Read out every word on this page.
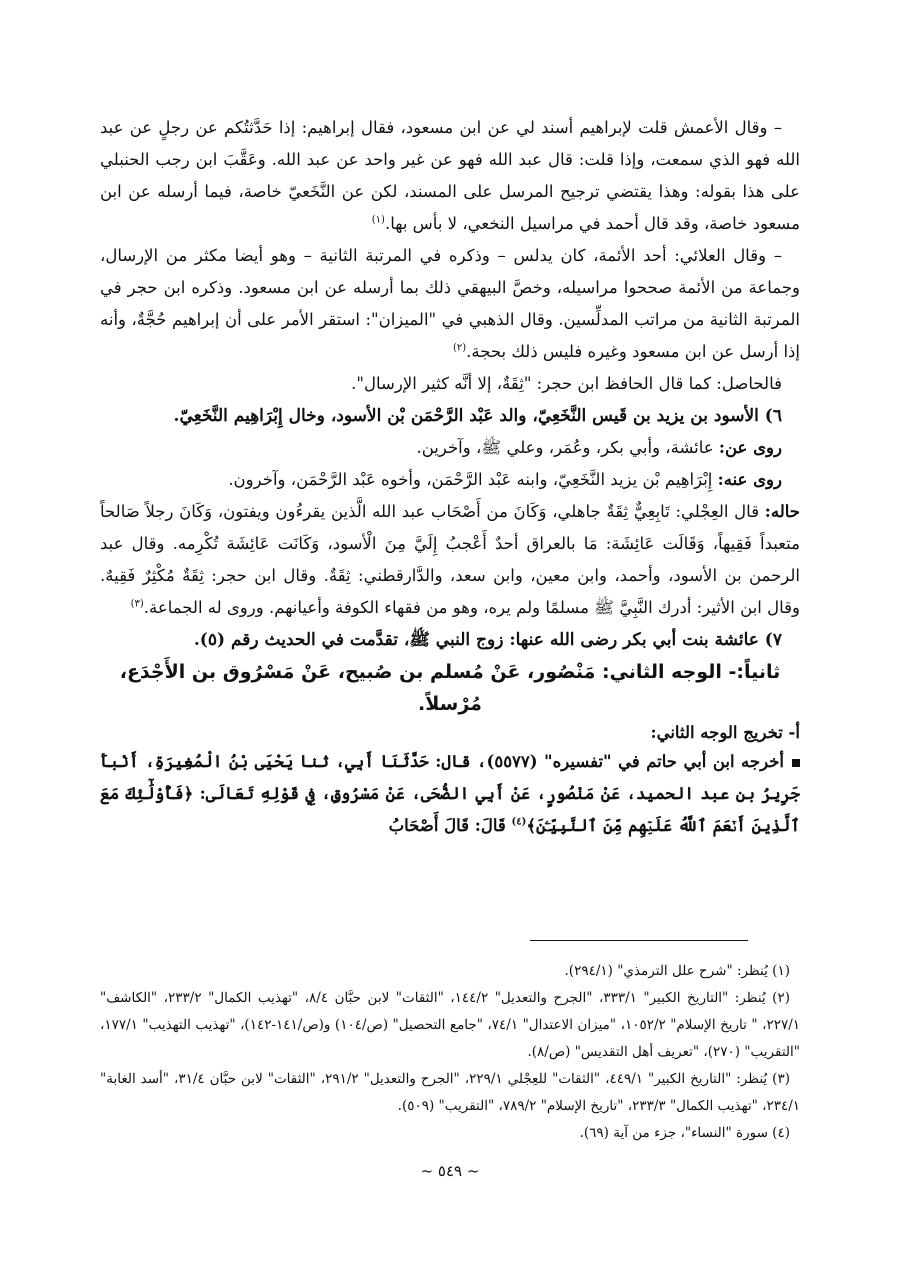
– وقال الأعمش قلت لإبراهيم أسند لي عن ابن مسعود، فقال إبراهيم: إذا حَدَّثتُكم عن رجلٍ عن عبد الله فهو الذي سمعت، وإذا قلت: قال عبد الله فهو عن غير واحد عن عبد الله. وعَقَّبَ ابن رجب الحنبلي على هذا بقوله: وهذا يقتضي ترجيح المرسل على المسند، لكن عن النَّخَعيّ خاصة، فيما أرسله عن ابن مسعود خاصة، وقد قال أحمد في مراسيل النخعي، لا بأس بها.$^{(١)}$

– وقال العلائي: أحد الأئمة، كان يدلس – وذكره في المرتبة الثانية – وهو أيضا مكثر من الإرسال، وجماعة من الأئمة صححوا مراسيله، وخصَّ البيهقي ذلك بما أرسله عن ابن مسعود. وذكره ابن حجر في المرتبة الثانية من مراتب المدلِّسين. وقال الذهبي في "الميزان": استقر الأمر على أن إبراهيم حُجَّةٌ، وأنه إذا أرسل عن ابن مسعود وغيره فليس ذلك بحجة.$^{(٢)}$

فالحاصل: كما قال الحافظ ابن حجر: "ثِقَةٌ، إلا أنَّه كثير الإرسال".

٦) الأسود بن يزيد بن قَيس النَّخَعِيّ، والد عَبْد الرَّحْمَن بْن الأسود، وخال إِبْرَاهِيم النَّخَعِيّ.

روى عن: عائشة، وأبي بكر، وعُمَر، وعلي ﷺ، وآخرين.

روى عنه: إِبْرَاهِيم بْن يزيد النَّخَعِيّ، وابنه عَبْد الرَّحْمَن، وأخوه عَبْد الرَّحْمَن، وآخرون.

حاله: قال العِجْلي: تَابِعِيٌّ ثِقَةٌ جاهلي، وَكَانَ من أَصْحَاب عبد الله الَّذين يقرءُون ويفتون، وَكَانَ رجلاً صَالحاً متعبداً فَقِيهاً، وَقَالَت عَائِشَة: مَا بالعراق أحدٌ أَعْجبُ إِلَيَّ مِنَ الْأسود، وَكَانَت عَائِشَة تُكْرِمه. وقال عبد الرحمن بن الأسود، وأحمد، وابن معين، وابن سعد، والدَّارقطني: ثِقَةٌ. وقال ابن حجر: ثِقَةٌ مُكْثِرٌ فَقِيهٌ. وقال ابن الأثير: أدرك النَّبِيَّ ﷺ مسلمًا ولم يره، وهو من فقهاء الكوفة وأعيانهم. وروى له الجماعة.$^{(٣)}$

٧) عائشة بنت أبي بكر رضى الله عنها: زوج النبي ﷺ، تقدَّمت في الحديث رقم (٥).

ثانياً:- الوجه الثاني: مَنْصُور، عَنْ مُسلم بن صُبيح، عَنْ مَسْرُوق بن الأَجْدَع، مُرْسلاً.

أ- تخريج الوجه الثاني:

أخرجه ابن أبي حاتم في "تفسيره" (٥٥٧٧)، قال: حَدَّثَنَا أَبِي، ثنا يَحْيَى بْنُ الْمُغِيرَةِ، أَنْبأَ جَرِيرُ بن عبد الحميد، عَنْ مَنْصُورٍ، عَنْ أَبِي الضُّحَى، عَنْ مَسْرُوقٍ، فِي قَوْلِهِ تَعَالَى: ﴿فَأُوْلَٰٓئِكَ مَعَ ٱلَّذِينَ أَنۡعَمَ ٱللَّهُ عَلَيۡهِم مِّنَ ٱلنَّبِيِّـۧنَ﴾$^{(٤)}$ قَالَ: قَالَ أَصْحَابُ

(١) يُنظر: "شرح علل الترمذي" (٢٩٤/١).

(٢) يُنظر: "التاريخ الكبير" ٣٣٣/١، "الجرح والتعديل" ١٤٤/٢، "الثقات" لابن حبَّان ٨/٤، "تهذيب الكمال" ٢٣٣/٢، "الكاشف" ٢٢٧/١، " تاريخ الإسلام" ١٠٥٢/٢، "ميزان الاعتدال" ٧٤/١، "جامع التحصيل" (ص/١٠٤) و(ص/١٤١-١٤٢)، "تهذيب التهذيب" ١٧٧/١، "التقريب" (٢٧٠)، "تعريف أهل التقديس" (ص/٨).

(٣) يُنظر: "التاريخ الكبير" ٤٤٩/١، "الثقات" للعِجْلي ٢٢٩/١، "الجرح والتعديل" ٢٩١/٢، "الثقات" لابن حبَّان ٣١/٤، "أسد الغابة" ٢٣٤/١، "تهذيب الكمال" ٢٣٣/٣، "تاريخ الإسلام" ٧٨٩/٢، "التقريب" (٥٠٩).

(٤) سورة "النساء"، جزء من آية (٦٩).

~ ٥٤٩ ~
